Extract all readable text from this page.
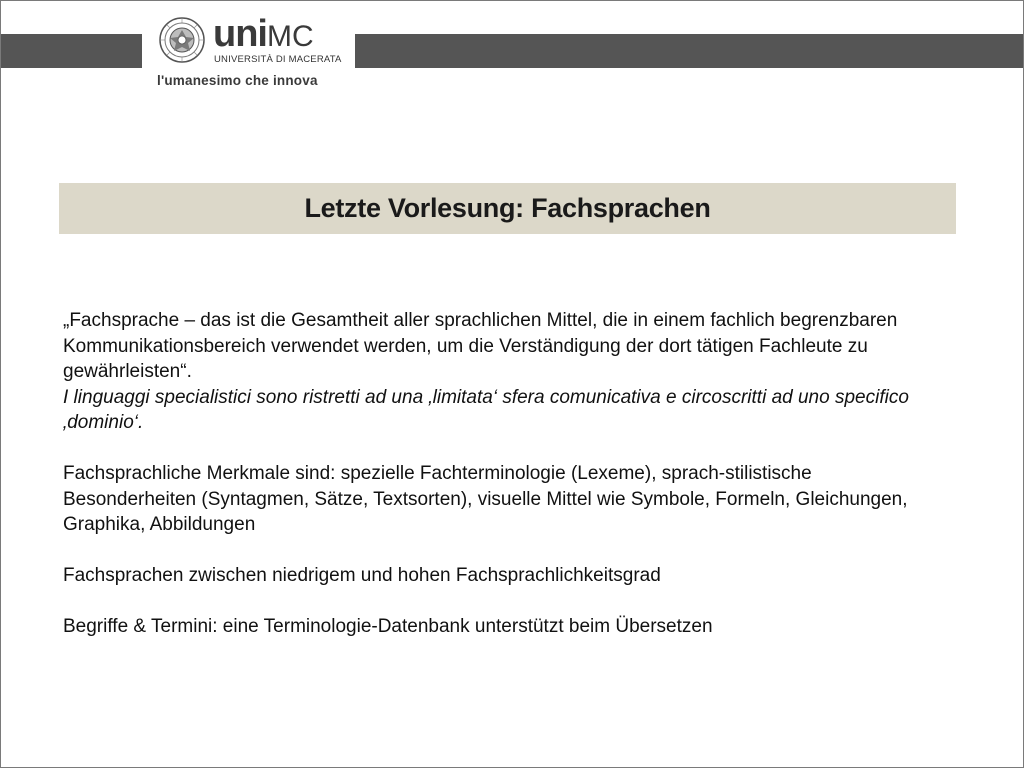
uniMC
UNIVERSITÀ DI MACERATA
l'umanesimo che innova
Letzte Vorlesung: Fachsprachen

„Fachsprache – das ist die Gesamtheit aller sprachlichen Mittel, die in einem fachlich begrenzbaren Kommunikationsbereich verwendet werden, um die Verständigung der dort tätigen Fachleute zu gewährleisten“.

I linguaggi specialistici sono ristretti ad una ‚limitata‘ sfera comunicativa e circoscritti ad uno specifico ‚dominio‘.

Fachsprachliche Merkmale sind: spezielle Fachterminologie (Lexeme), sprach-stilistische Besonderheiten (Syntagmen, Sätze, Textsorten), visuelle Mittel wie Symbole, Formeln, Gleichungen, Graphika, Abbildungen

Fachsprachen zwischen niedrigem und hohen Fachsprachlichkeitsgrad

Begriffe & Termini: eine Terminologie-Datenbank unterstützt beim Übersetzen
